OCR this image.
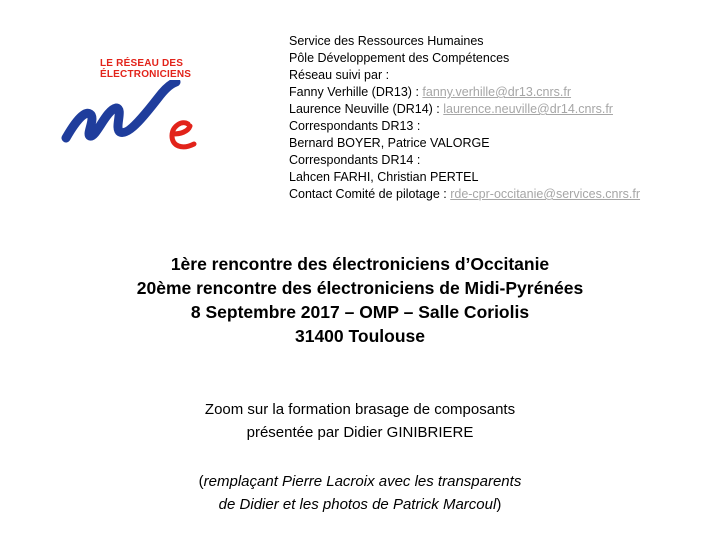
LE RÉSEAU DES
ÉLECTRONICIENS
Service des Ressources Humaines
Pôle Développement des Compétences
Réseau suivi par :
Fanny Verhille (DR13) : fanny.verhille@dr13.cnrs.fr
Laurence Neuville (DR14) : laurence.neuville@dr14.cnrs.fr
Correspondants DR13 :
Bernard BOYER, Patrice VALORGE
Correspondants DR14 :
Lahcen FARHI, Christian PERTEL
Contact Comité de pilotage : rde-cpr-occitanie@services.cnrs.fr
1ère rencontre des électroniciens d’Occitanie
20ème rencontre des électroniciens de Midi-Pyrénées
8 Septembre 2017 – OMP – Salle Coriolis
31400 Toulouse
Zoom sur la formation brasage de composants
présentée par Didier GINIBRIERE
(remplaçant Pierre Lacroix avec les transparents
de Didier et les photos de Patrick Marcoul)
